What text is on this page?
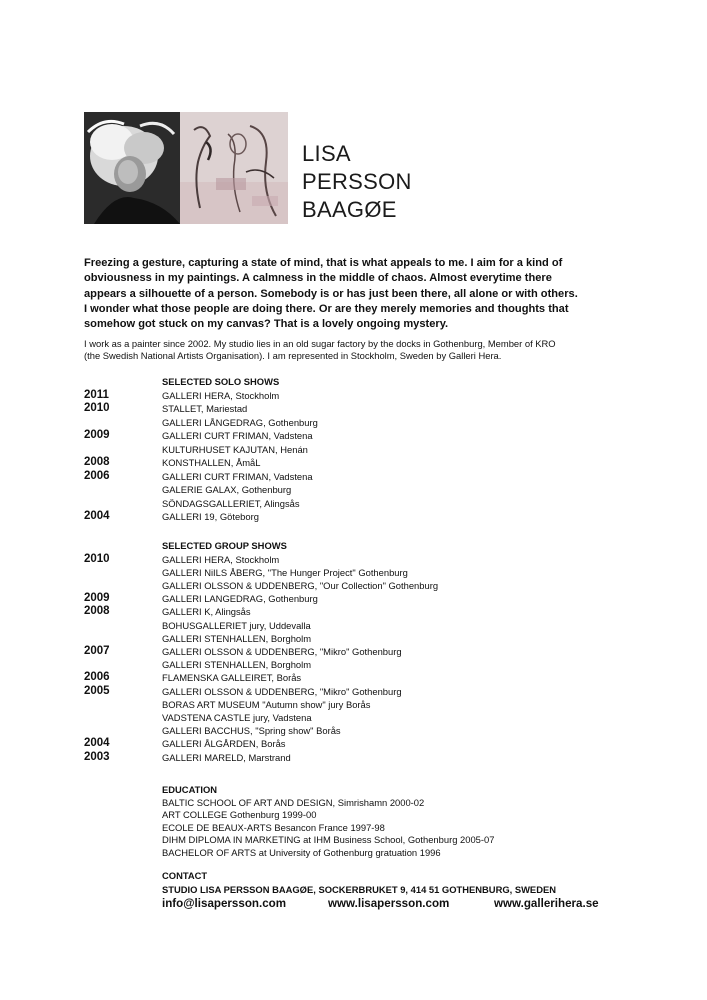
LISA
PERSSON
BAAGØE

Freezing a gesture, capturing a state of mind, that is what appeals to me. I aim for a kind of

obviousness in my paintings. A calmness in the middle of chaos. Almost everytime there

appears a silhouette of a person. Somebody is or has just been there, all alone or with others.

I wonder what those people are doing there. Or are they merely memories and thoughts that

somehow got stuck on my canvas? That is a lovely ongoing mystery.

I work as a painter since 2002. My studio lies in an old sugar factory by the docks in Gothenburg, Member of KRO

(the Swedish National Artists Organisation). I am represented in Stockholm, Sweden by Galleri Hera.

SELECTED SOLO SHOWS
2011	GALLERI HERA, Stockholm
2010	STALLET, Mariestad
GALLERI LÅNGEDRAG, Gothenburg
2009	GALLERI CURT FRIMAN, Vadstena
KULTURHUSET KAJUTAN, Henán
2008	KONSTHALLEN, ÅmåL
2006	GALLERI CURT FRIMAN, Vadstena
GALERIE GALAX, Gothenburg
SÖNDAGSGALLERIET, Alingsås
2004	GALLERI 19, Göteborg
SELECTED GROUP SHOWS
2010	GALLERI HERA, Stockholm
GALLERI NiILS ÅBERG, "The Hunger Project" Gothenburg
GALLERI OLSSON & UDDENBERG, "Our Collection" Gothenburg
2009	GALLERI LANGEDRAG, Gothenburg
2008	GALLERI K, Alingsås
BOHUSGALLERIET jury, Uddevalla
GALLERI STENHALLEN, Borgholm
2007	GALLERI OLSSON & UDDENBERG, "Mikro" Gothenburg
GALLERI STENHALLEN, Borgholm
2006	FLAMENSKA GALLEIRET, Borås
2005	GALLERI OLSSON & UDDENBERG, "Mikro" Gothenburg
BORAS ART MUSEUM "Autumn show" jury Borås
VADSTENA CASTLE jury, Vadstena
GALLERI BACCHUS, "Spring show" Borås
2004	GALLERI ÅLGÅRDEN, Borås
2003	GALLERI MARELD, Marstrand
EDUCATION
BALTIC SCHOOL OF ART AND DESIGN, Simrishamn 2000-02
ART COLLEGE Gothenburg 1999-00
ECOLE DE BEAUX-ARTS Besancon France 1997-98
DIHM DIPLOMA IN MARKETING at IHM Business School, Gothenburg 2005-07
BACHELOR OF ARTS at University of Gothenburg gratuation 1996
CONTACT
STUDIO LISA PERSSON BAAGØE, SOCKERBRUKET 9, 414 51 GOTHENBURG, SWEDEN
info@lisapersson.com	www.lisapersson.com	www.gallerihera.se
